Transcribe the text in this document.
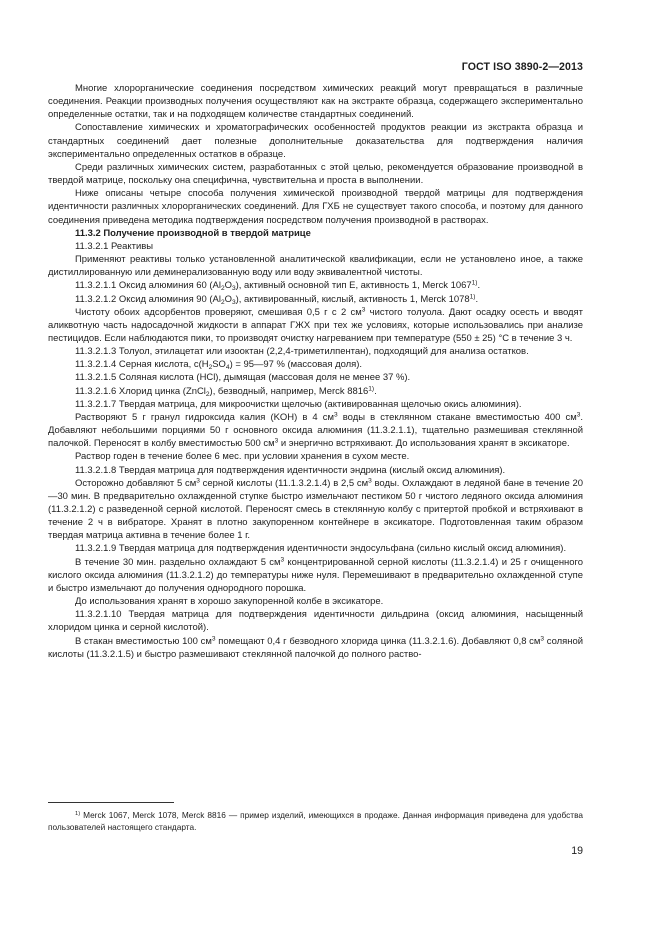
ГОСТ ISO 3890-2—2013

Многие хлорорганические соединения посредством химических реакций могут превращаться в различные соединения. Реакции производных получения осуществляют как на экстракте образца, содержащего экспериментально определенные остатки, так и на подходящем количестве стандартных соединений.

Сопоставление химических и хроматографических особенностей продуктов реакции из экстракта образца и стандартных соединений дает полезные дополнительные доказательства для подтверждения наличия экспериментально определенных остатков в образце.

Среди различных химических систем, разработанных с этой целью, рекомендуется образование производной в твердой матрице, поскольку она специфична, чувствительна и проста в выполнении.

Ниже описаны четыре способа получения химической производной твердой матрицы для подтверждения идентичности различных хлорорганических соединений. Для ГХБ не существует такого способа, и поэтому для данного соединения приведена методика подтверждения посредством получения производной в растворах.

11.3.2 Получение производной в твердой матрице

11.3.2.1 Реактивы

Применяют реактивы только установленной аналитической квалификации, если не установлено иное, а также дистиллированную или деминерализованную воду или воду эквивалентной чистоты.

11.3.2.1.1 Оксид алюминия 60 $(Al_2O_3)$, активный основной тип E, активность 1, Merck 1067$^{1)}$.

11.3.2.1.2 Оксид алюминия 90 $(Al_2O_3)$, активированный, кислый, активность 1, Merck 1078$^{1)}$.

Чистоту обоих адсорбентов проверяют, смешивая 0,5 г с 2 $см^3$ чистого толуола. Дают осадку осесть и вводят аликвотную часть надосадочной жидкости в аппарат ГЖХ при тех же условиях, которые использовались при анализе пестицидов. Если наблюдаются пики, то производят очистку нагреванием при температуре (550 ± 25) °С в течение 3 ч.

11.3.2.1.3 Толуол, этилацетат или изооктан (2,2,4-триметилпентан), подходящий для анализа остатков.

11.3.2.1.4 Серная кислота, $с(H_2SO_4)$ = 95—97 % (массовая доля).

11.3.2.1.5 Соляная кислота (HCl), дымящая (массовая доля не менее 37 %).

11.3.2.1.6 Хлорид цинка (ZnCl$_2$), безводный, например, Merck 8816$^{1)}$.

11.3.2.1.7 Твердая матрица, для микроочистки щелочью (активированная щелочью окись алюминия).

Растворяют 5 г гранул гидроксида калия (KOH) в 4 $см^3$ воды в стеклянном стакане вместимостью 400 $см^3$. Добавляют небольшими порциями 50 г основного оксида алюминия (11.3.2.1.1), тщательно размешивая стеклянной палочкой. Переносят в колбу вместимостью 500 $см^3$ и энергично встряхивают. До использования хранят в эксикаторе.

Раствор годен в течение более 6 мес. при условии хранения в сухом месте.

11.3.2.1.8 Твердая матрица для подтверждения идентичности эндрина (кислый оксид алюминия).

Осторожно добавляют 5 $см^3$ серной кислоты (11.1.3.2.1.4) в 2,5 $см^3$ воды. Охлаждают в ледяной бане в течение 20—30 мин. В предварительно охлажденной ступке быстро измельчают пестиком 50 г чистого ледяного оксида алюминия (11.3.2.1.2) с разведенной серной кислотой. Переносят смесь в стеклянную колбу с притертой пробкой и встряхивают в течение 2 ч в вибраторе. Хранят в плотно закупоренном контейнере в эксикаторе. Подготовленная таким образом твердая матрица активна в течение более 1 г.

11.3.2.1.9 Твердая матрица для подтверждения идентичности эндосульфана (сильно кислый оксид алюминия).

В течение 30 мин. раздельно охлаждают 5 $см^3$ концентрированной серной кислоты (11.3.2.1.4) и 25 г очищенного кислого оксида алюминия (11.3.2.1.2) до температуры ниже нуля. Перемешивают в предварительно охлажденной ступе и быстро измельчают до получения однородного порошка.

До использования хранят в хорошо закупоренной колбе в эксикаторе.

11.3.2.1.10 Твердая матрица для подтверждения идентичности дильдрина (оксид алюминия, насыщенный хлоридом цинка и серной кислотой).

В стакан вместимостью 100 $см^3$ помещают 0,4 г безводного хлорида цинка (11.3.2.1.6). Добавляют 0,8 $см^3$ соляной кислоты (11.3.2.1.5) и быстро размешивают стеклянной палочкой до полного раство-

$^{1)}$ Merck 1067, Merck 1078, Merck 8816 — пример изделий, имеющихся в продаже. Данная информация приведена для удобства пользователей настоящего стандарта.

19
